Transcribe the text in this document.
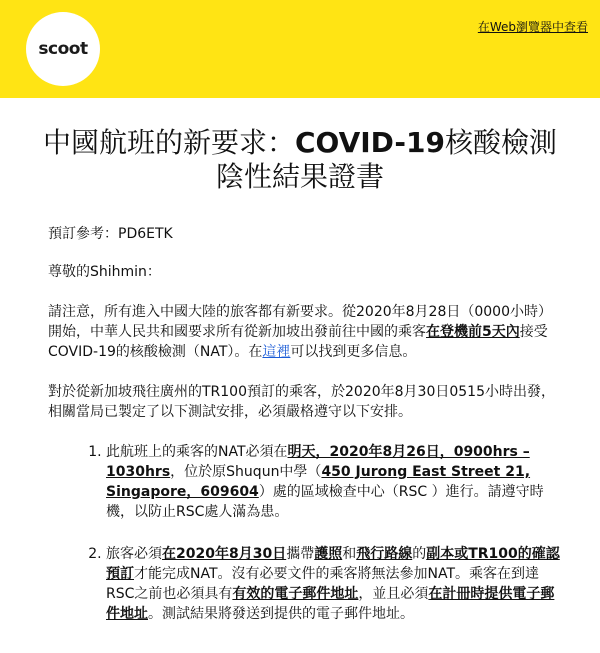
scoot
在Web瀏覽器中查看
中國航班的新要求：COVID-19核酸檢測陰性結果證書

預訂參考：PD6ETK

尊敬的Shihmin：

請注意，所有進入中國大陸的旅客都有新要求。從2020年8月28日（0000小時）開始，中華人民共和國要求所有從新加坡出發前往中國的乘客在登機前5天內接受COVID-19的核酸檢測（NAT）。在這裡可以找到更多信息。

對於從新加坡飛往廣州的TR100預訂的乘客，於2020年8月30日0515小時出發，相關當局已製定了以下測試安排，必須嚴格遵守以下安排。

1. 此航班上的乘客的NAT必須在明天，2020年8月26日，0900hrs – 1030hrs，位於原Shuqun中學（450 Jurong East Street 21, Singapore，609604）處的區域檢查中心（RSC ）進行。請遵守時機，以防止RSC處人滿為患。
2. 旅客必須在2020年8月30日攜帶護照和飛行路線的副本或TR100的確認預訂才能完成NAT。沒有必要文件的乘客將無法參加NAT。乘客在到達RSC之前也必須具有有效的電子郵件地址，並且必須在計冊時提供電子郵件地址。測試結果將發送到提供的電子郵件地址。
